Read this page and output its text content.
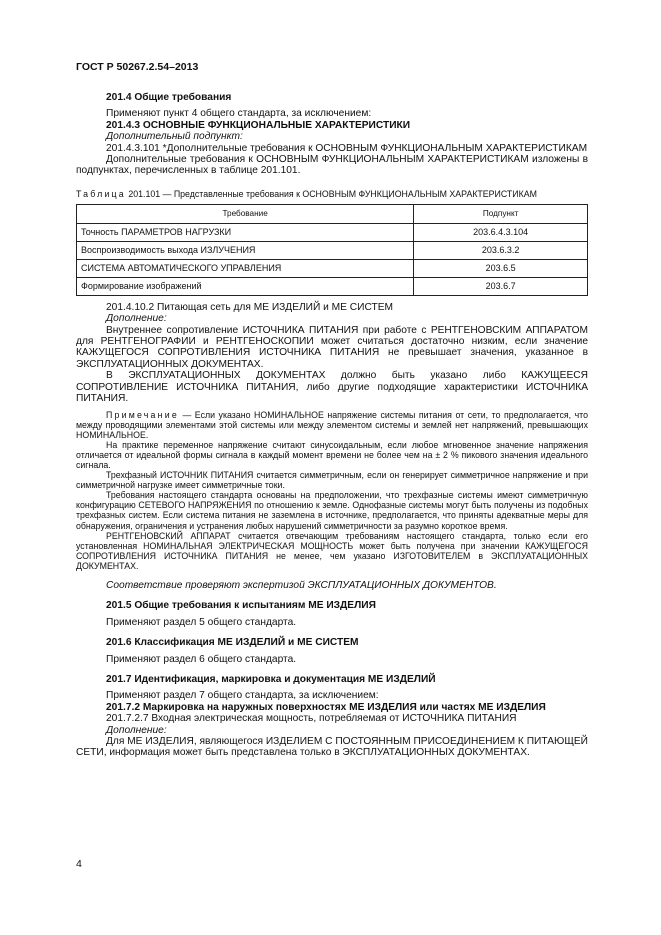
ГОСТ Р 50267.2.54–2013

201.4 Общие требования

Применяют пункт 4 общего стандарта, за исключением:

201.4.3 ОСНОВНЫЕ ФУНКЦИОНАЛЬНЫЕ ХАРАКТЕРИСТИКИ

Дополнительный подпункт:

201.4.3.101 *Дополнительные требования к ОСНОВНЫМ ФУНКЦИОНАЛЬНЫМ ХАРАКТЕРИСТИКАМ

Дополнительные требования к ОСНОВНЫМ ФУНКЦИОНАЛЬНЫМ ХАРАКТЕРИСТИКАМ изложены в подпунктах, перечисленных в таблице 201.101.

Таблица 201.101 — Представленные требования к ОСНОВНЫМ ФУНКЦИОНАЛЬНЫМ ХАРАКТЕРИСТИКАМ
Требование	Подпункт
Точность ПАРАМЕТРОВ НАГРУЗКИ	203.6.4.3.104
Воспроизводимость выхода ИЗЛУЧЕНИЯ	203.6.3.2
СИСТЕМА АВТОМАТИЧЕСКОГО УПРАВЛЕНИЯ	203.6.5
Формирование изображений	203.6.7

201.4.10.2 Питающая сеть для МЕ ИЗДЕЛИЙ и МЕ СИСТЕМ

Дополнение:

Внутреннее сопротивление ИСТОЧНИКА ПИТАНИЯ при работе с РЕНТГЕНОВСКИМ АППАРАТОМ для РЕНТГЕНОГРАФИИ и РЕНТГЕНОСКОПИИ может считаться достаточно низким, если значение КАЖУЩЕГОСЯ СОПРОТИВЛЕНИЯ ИСТОЧНИКА ПИТАНИЯ не превышает значения, указанное в ЭКСПЛУАТАЦИОННЫХ ДОКУМЕНТАХ.

В ЭКСПЛУАТАЦИОННЫХ ДОКУМЕНТАХ должно быть указано либо КАЖУЩЕЕСЯ СОПРОТИВЛЕНИЕ ИСТОЧНИКА ПИТАНИЯ, либо другие подходящие характеристики ИСТОЧНИКА ПИТАНИЯ.

Примечание — Если указано НОМИНАЛЬНОЕ напряжение системы питания от сети, то предполагается, что между проводящими элементами этой системы или между элементом системы и землей нет напряжений, превышающих НОМИНАЛЬНОЕ.

На практике переменное напряжение считают синусоидальным, если любое мгновенное значение напряжения отличается от идеальной формы сигнала в каждый момент времени не более чем на ± 2 % пикового значения идеального сигнала.

Трехфазный ИСТОЧНИК ПИТАНИЯ считается симметричным, если он генерирует симметричное напряжение и при симметричной нагрузке имеет симметричные токи.

Требования настоящего стандарта основаны на предположении, что трехфазные системы имеют симметричную конфигурацию СЕТЕВОГО НАПРЯЖЕНИЯ по отношению к земле. Однофазные системы могут быть получены из подобных трехфазных систем. Если система питания не заземлена в источнике, предполагается, что приняты адекватные меры для обнаружения, ограничения и устранения любых нарушений симметричности за разумно короткое время.

РЕНТГЕНОВСКИЙ АППАРАТ считается отвечающим требованиям настоящего стандарта, только если его установленная НОМИНАЛЬНАЯ ЭЛЕКТРИЧЕСКАЯ МОЩНОСТЬ может быть получена при значении КАЖУЩЕГОСЯ СОПРОТИВЛЕНИЯ ИСТОЧНИКА ПИТАНИЯ не менее, чем указано ИЗГОТОВИТЕЛЕМ в ЭКСПЛУАТАЦИОННЫХ ДОКУМЕНТАХ.

Соответствие проверяют экспертизой ЭКСПЛУАТАЦИОННЫХ ДОКУМЕНТОВ.

201.5 Общие требования к испытаниям МЕ ИЗДЕЛИЯ

Применяют раздел 5 общего стандарта.

201.6 Классификация МЕ ИЗДЕЛИЙ и МЕ СИСТЕМ

Применяют раздел 6 общего стандарта.

201.7 Идентификация, маркировка и документация МЕ ИЗДЕЛИЙ

Применяют раздел 7 общего стандарта, за исключением:

201.7.2 Маркировка на наружных поверхностях МЕ ИЗДЕЛИЯ или частях МЕ ИЗДЕЛИЯ

201.7.2.7 Входная электрическая мощность, потребляемая от ИСТОЧНИКА ПИТАНИЯ

Дополнение:

Для МЕ ИЗДЕЛИЯ, являющегося ИЗДЕЛИЕМ С ПОСТОЯННЫМ ПРИСОЕДИНЕНИЕМ К ПИТАЮЩЕЙ СЕТИ, информация может быть представлена только в ЭКСПЛУАТАЦИОННЫХ ДОКУМЕНТАХ.

4
